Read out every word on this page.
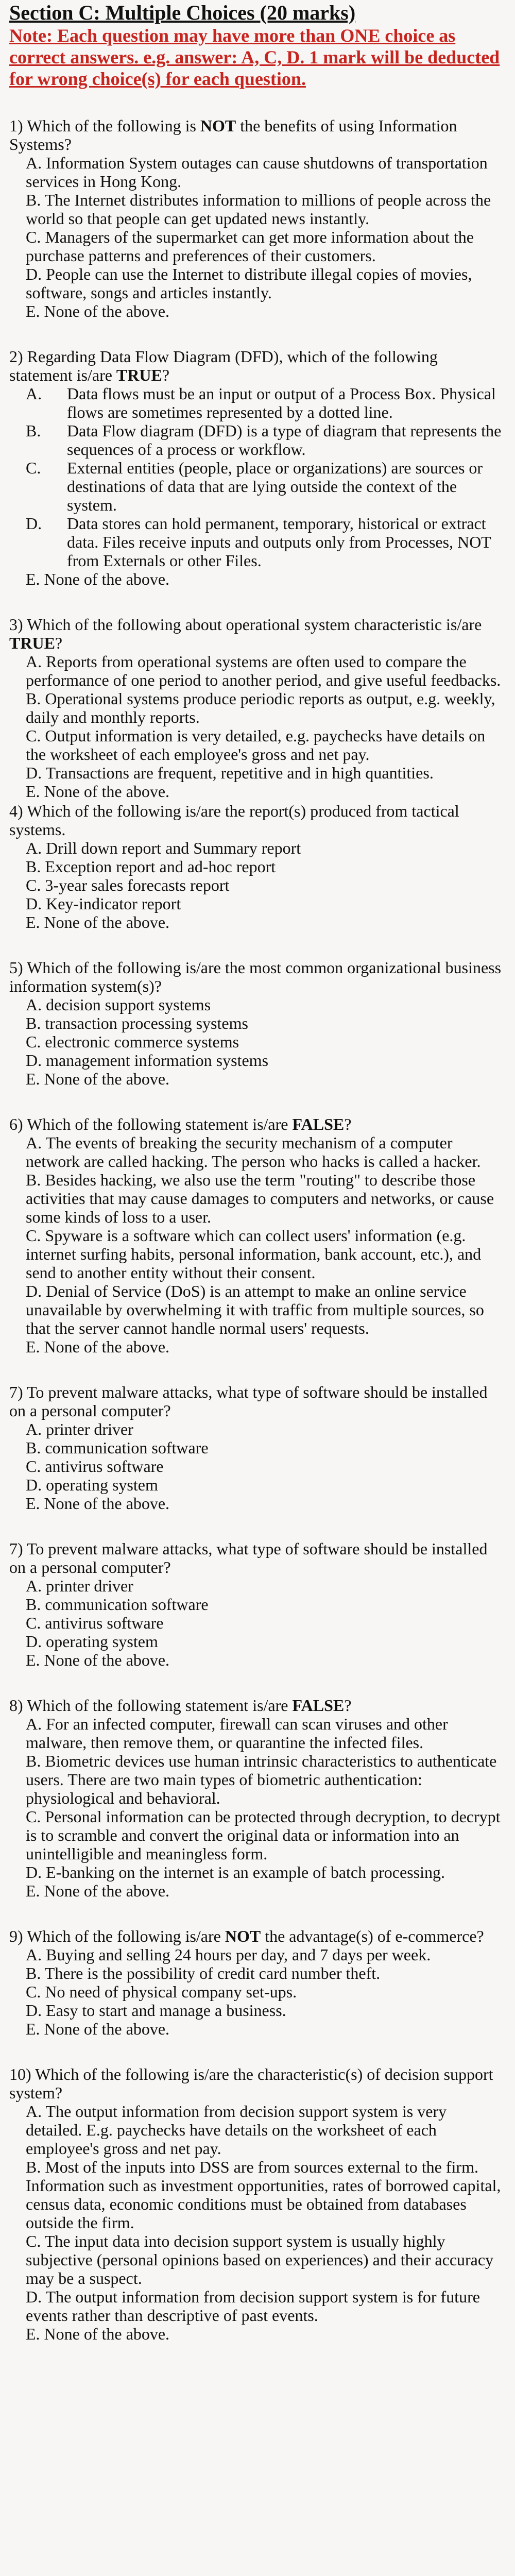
Section C: Multiple Choices (20 marks)
Note: Each question may have more than ONE choice as correct answers. e.g. answer: A, C, D. 1 mark will be deducted for wrong choice(s) for each question.

1) Which of the following is NOT the benefits of using Information Systems?

A. Information System outages can cause shutdowns of transportation services in Hong Kong.

B. The Internet distributes information to millions of people across the world so that people can get updated news instantly.

C. Managers of the supermarket can get more information about the purchase patterns and preferences of their customers.

D. People can use the Internet to distribute illegal copies of movies, software, songs and articles instantly.

E. None of the above.

2) Regarding Data Flow Diagram (DFD), which of the following statement is/are TRUE?

A.	Data flows must be an input or output of a Process Box. Physical flows are sometimes represented by a dotted line.
B.	Data Flow diagram (DFD) is a type of diagram that represents the sequences of a process or workflow.
C.	External entities (people, place or organizations) are sources or destinations of data that are lying outside the context of the system.
D.	Data stores can hold permanent, temporary, historical or extract data. Files receive inputs and outputs only from Processes, NOT from Externals or other Files.

E. None of the above.

3) Which of the following about operational system characteristic is/are TRUE?

A. Reports from operational systems are often used to compare the performance of one period to another period, and give useful feedbacks.

B. Operational systems produce periodic reports as output, e.g. weekly, daily and monthly reports.

C. Output information is very detailed, e.g. paychecks have details on the worksheet of each employee's gross and net pay.

D. Transactions are frequent, repetitive and in high quantities.

E. None of the above.

4) Which of the following is/are the report(s) produced from tactical systems.

A. Drill down report and Summary report

B. Exception report and ad-hoc report

C. 3-year sales forecasts report

D. Key-indicator report

E. None of the above.

5) Which of the following is/are the most common organizational business information system(s)?

A. decision support systems

B. transaction processing systems

C. electronic commerce systems

D. management information systems

E. None of the above.

6) Which of the following statement is/are FALSE?

A. The events of breaking the security mechanism of a computer network are called hacking. The person who hacks is called a hacker.

B. Besides hacking, we also use the term "routing" to describe those activities that may cause damages to computers and networks, or cause some kinds of loss to a user.

C. Spyware is a software which can collect users' information (e.g. internet surfing habits, personal information, bank account, etc.), and send to another entity without their consent.

D. Denial of Service (DoS) is an attempt to make an online service unavailable by overwhelming it with traffic from multiple sources, so that the server cannot handle normal users' requests.

E. None of the above.

7) To prevent malware attacks, what type of software should be installed on a personal computer?

A. printer driver

B. communication software

C. antivirus software

D. operating system

E. None of the above.

7) To prevent malware attacks, what type of software should be installed on a personal computer?

A. printer driver

B. communication software

C. antivirus software

D. operating system

E. None of the above.

8) Which of the following statement is/are FALSE?

A. For an infected computer, firewall can scan viruses and other malware, then remove them, or quarantine the infected files.

B. Biometric devices use human intrinsic characteristics to authenticate users. There are two main types of biometric authentication: physiological and behavioral.

C. Personal information can be protected through decryption, to decrypt is to scramble and convert the original data or information into an unintelligible and meaningless form.

D. E-banking on the internet is an example of batch processing.

E. None of the above.

9) Which of the following is/are NOT the advantage(s) of e-commerce?

A. Buying and selling 24 hours per day, and 7 days per week.

B. There is the possibility of credit card number theft.

C. No need of physical company set-ups.

D. Easy to start and manage a business.

E. None of the above.

10) Which of the following is/are the characteristic(s) of decision support system?

A. The output information from decision support system is very detailed. E.g. paychecks have details on the worksheet of each employee's gross and net pay.

B. Most of the inputs into DSS are from sources external to the firm. Information such as investment opportunities, rates of borrowed capital, census data, economic conditions must be obtained from databases outside the firm.

C. The input data into decision support system is usually highly subjective (personal opinions based on experiences) and their accuracy may be a suspect.

D. The output information from decision support system is for future events rather than descriptive of past events.

E. None of the above.
